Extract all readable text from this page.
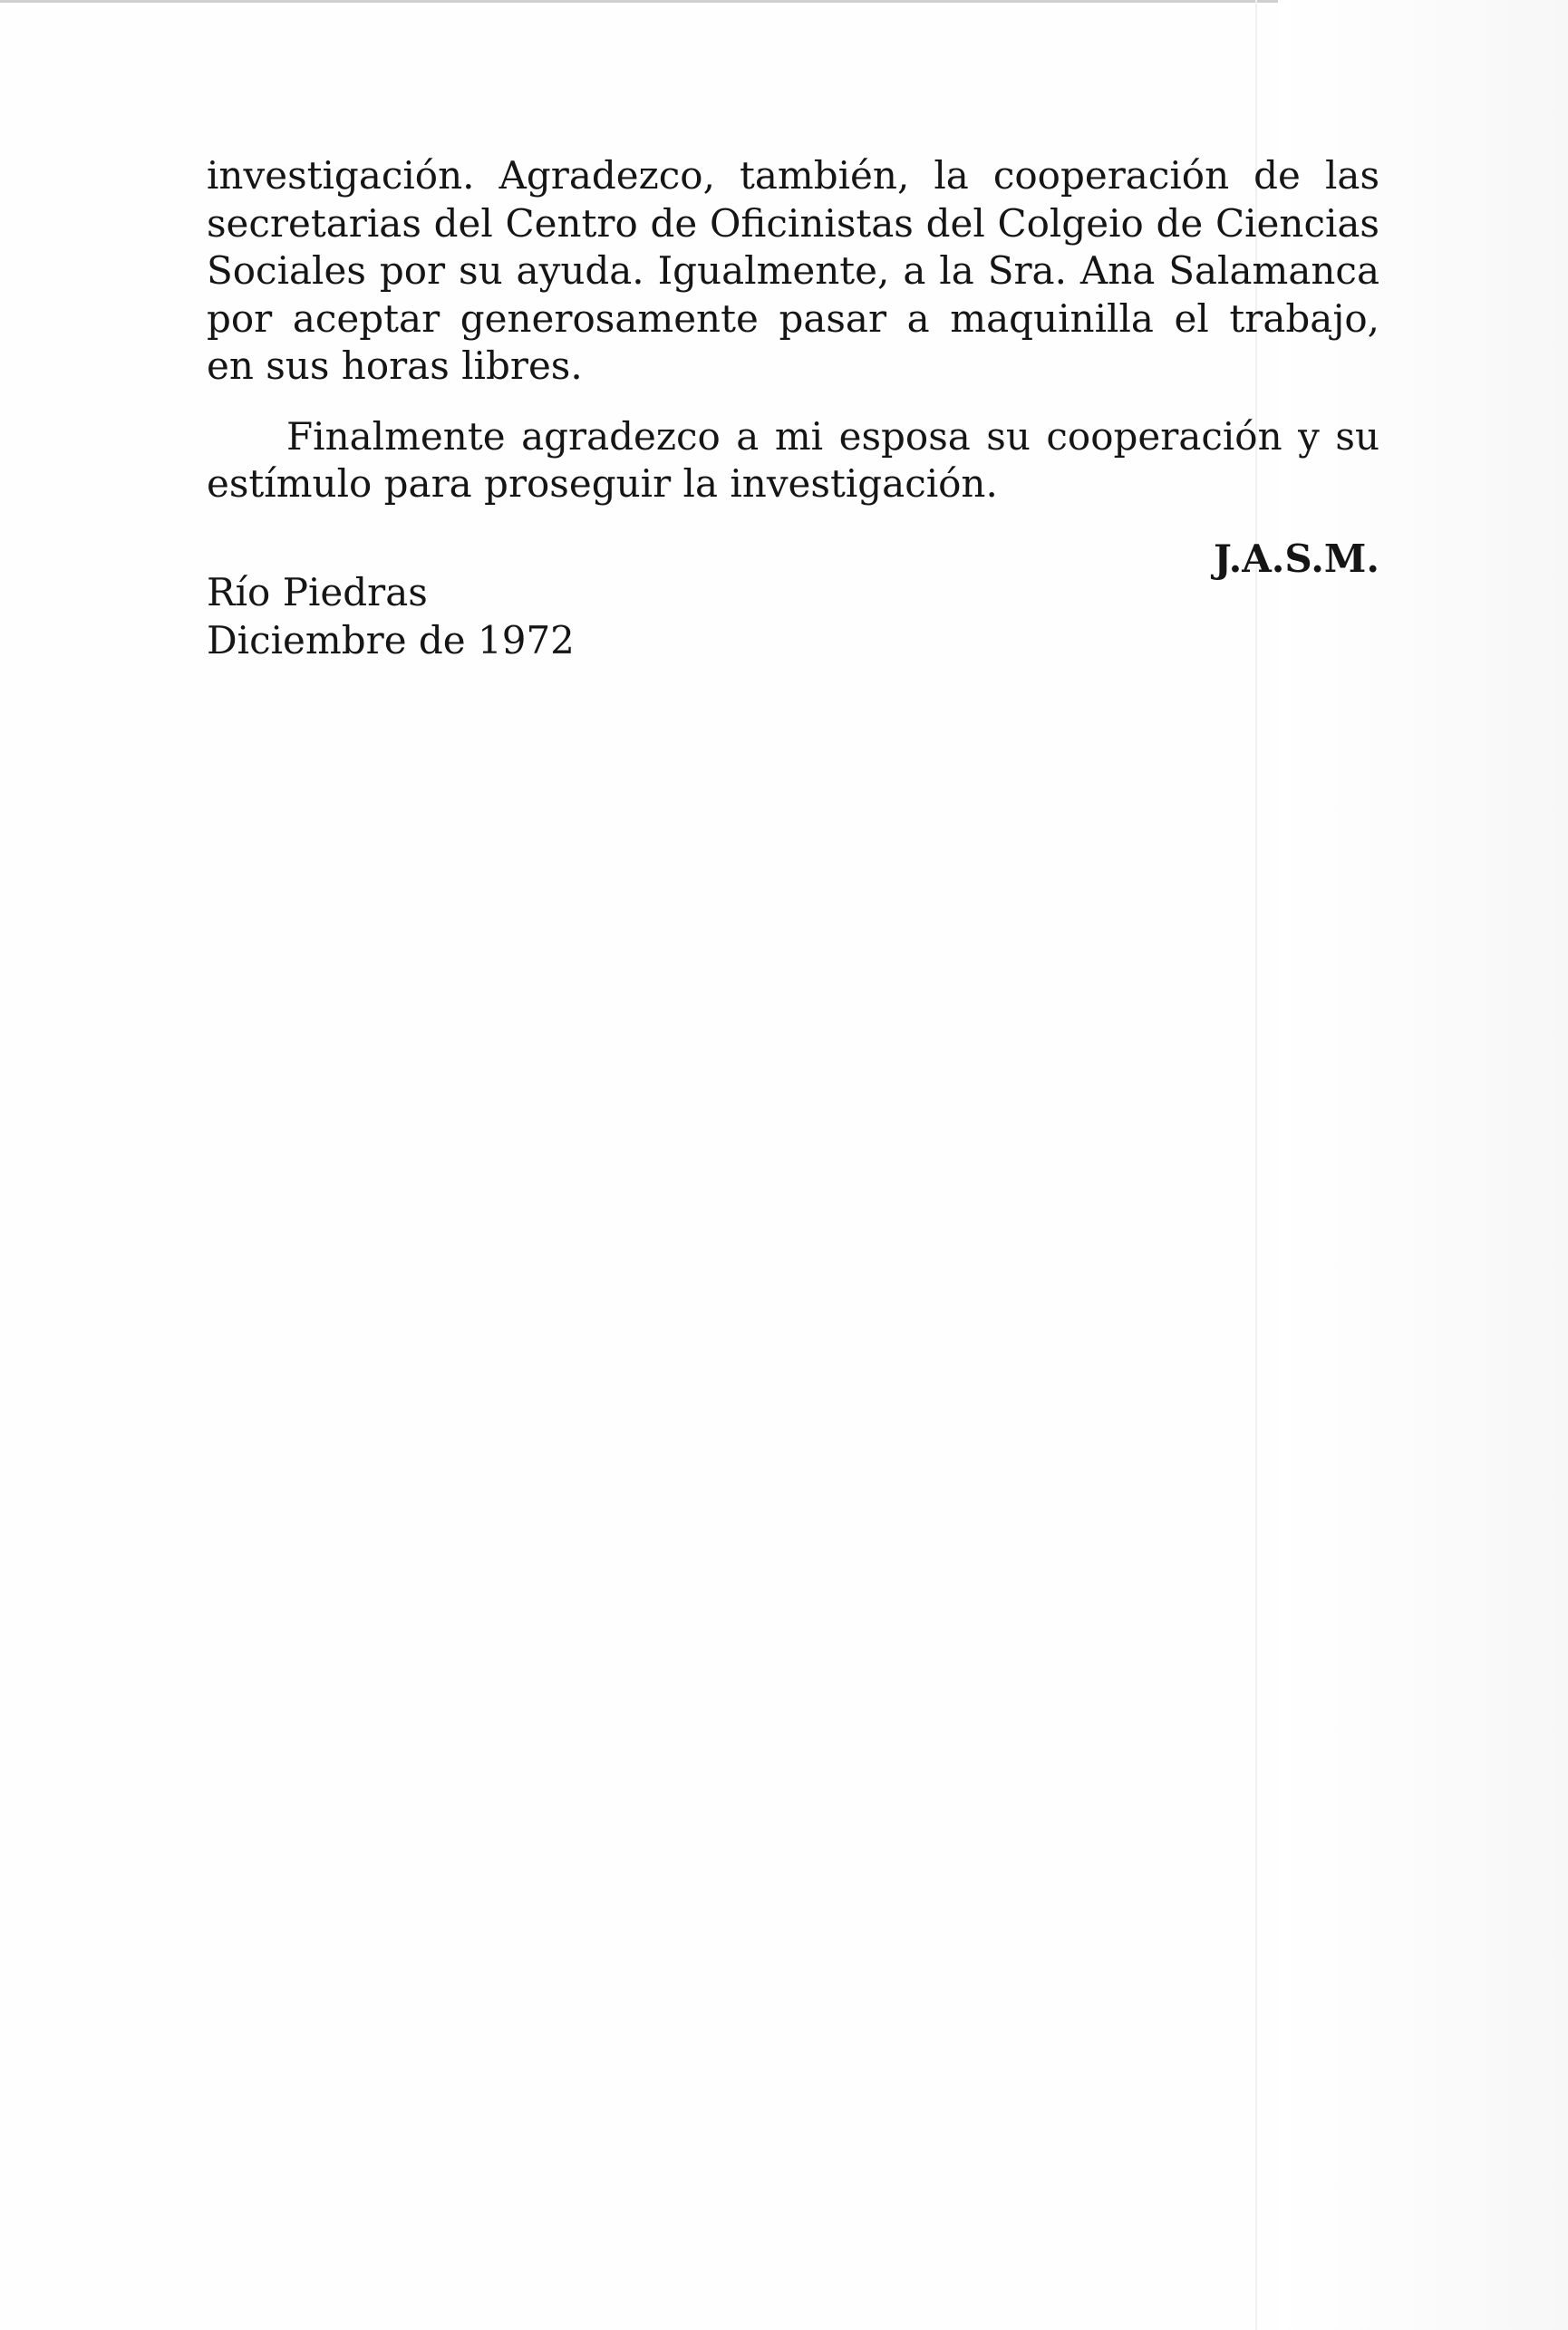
investigación. Agradezco, también, la cooperación de las secretarias del Centro de Oficinistas del Colgeio de Ciencias Sociales por su ayuda. Igualmente, a la Sra. Ana Salamanca por aceptar generosamente pasar a maquinilla el trabajo, en sus horas libres.

Finalmente agradezco a mi esposa su cooperación y su estímulo para proseguir la investigación.

J.A.S.M.
Río Piedras
Diciembre de 1972
